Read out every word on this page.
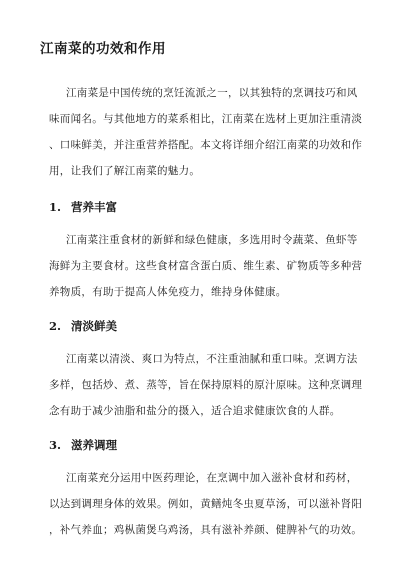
江南菜的功效和作用
江南菜是中国传统的烹饪流派之一，以其独特的烹调技巧和风
味而闻名。与其他地方的菜系相比，江南菜在选材上更加注重清淡
、口味鲜美，并注重营养搭配。本文将详细介绍江南菜的功效和作
用，让我们了解江南菜的魅力。
1. 营养丰富
江南菜注重食材的新鲜和绿色健康，多选用时令蔬菜、鱼虾等
海鲜为主要食材。这些食材富含蛋白质、维生素、矿物质等多种营
养物质，有助于提高人体免疫力，维持身体健康。
2. 清淡鲜美
江南菜以清淡、爽口为特点，不注重油腻和重口味。烹调方法
多样，包括炒、煮、蒸等，旨在保持原料的原汁原味。这种烹调理
念有助于减少油脂和盐分的摄入，适合追求健康饮食的人群。
3. 滋养调理
江南菜充分运用中医药理论，在烹调中加入滋补食材和药材，
以达到调理身体的效果。例如，黄鳝炖冬虫夏草汤，可以滋补肾阳
，补气养血；鸡枞菌煲乌鸡汤，具有滋补养颜、健脾补气的功效。
